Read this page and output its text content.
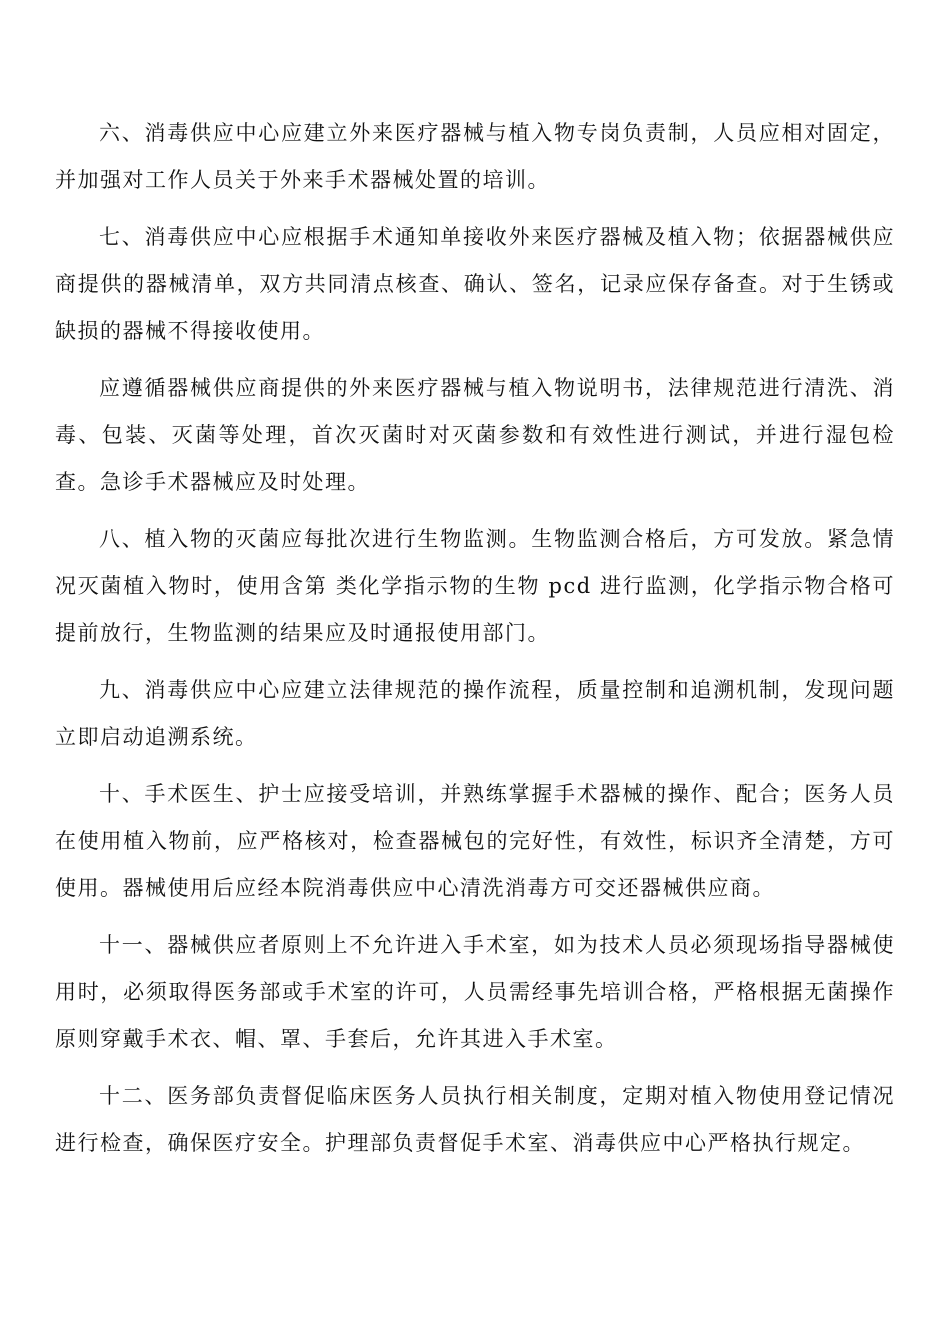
六、消毒供应中心应建立外来医疗器械与植入物专岗负责制，人员应相对固定，并加强对工作人员关于外来手术器械处置的培训。

七、消毒供应中心应根据手术通知单接收外来医疗器械及植入物；依据器械供应商提供的器械清单，双方共同清点核查、确认、签名，记录应保存备查。对于生锈或缺损的器械不得接收使用。

应遵循器械供应商提供的外来医疗器械与植入物说明书，法律规范进行清洗、消毒、包装、灭菌等处理，首次灭菌时对灭菌参数和有效性进行测试，并进行湿包检查。急诊手术器械应及时处理。

八、植入物的灭菌应每批次进行生物监测。生物监测合格后，方可发放。紧急情况灭菌植入物时，使用含第 类化学指示物的生物 pcd 进行监测，化学指示物合格可提前放行，生物监测的结果应及时通报使用部门。

九、消毒供应中心应建立法律规范的操作流程，质量控制和追溯机制，发现问题立即启动追溯系统。

十、手术医生、护士应接受培训，并熟练掌握手术器械的操作、配合；医务人员在使用植入物前，应严格核对，检查器械包的完好性，有效性，标识齐全清楚，方可使用。器械使用后应经本院消毒供应中心清洗消毒方可交还器械供应商。

十一、器械供应者原则上不允许进入手术室，如为技术人员必须现场指导器械使用时，必须取得医务部或手术室的许可，人员需经事先培训合格，严格根据无菌操作原则穿戴手术衣、帽、罩、手套后，允许其进入手术室。

十二、医务部负责督促临床医务人员执行相关制度，定期对植入物使用登记情况进行检查，确保医疗安全。护理部负责督促手术室、消毒供应中心严格执行规定。
